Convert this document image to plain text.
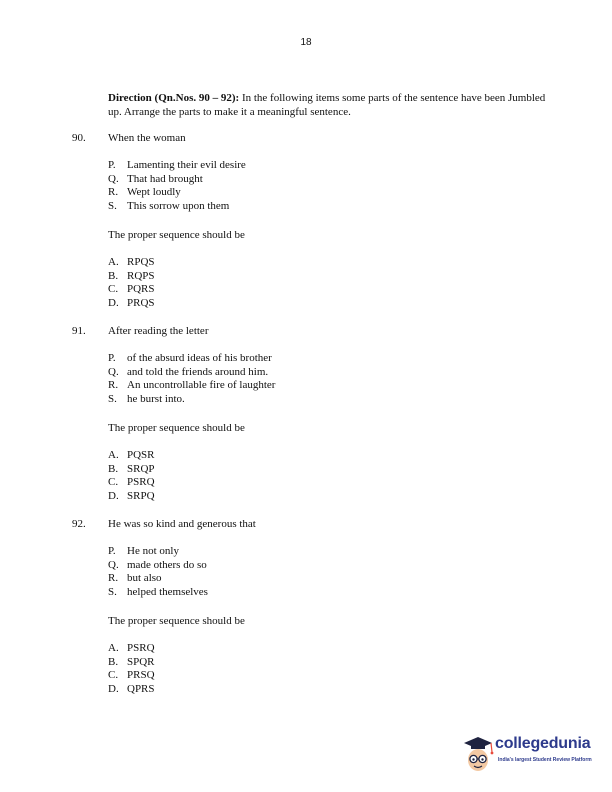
18
Direction (Qn.Nos. 90 – 92): In the following items some parts of the sentence have been Jumbled up. Arrange the parts to make it a meaningful sentence.
90. When the woman
P. Lamenting their evil desire
Q. That had brought
R. Wept loudly
S. This sorrow upon them
The proper sequence should be
A. RPQS
B. RQPS
C. PQRS
D. PRQS
91. After reading the letter
P. of the absurd ideas of his brother
Q. and told the friends around him.
R. An uncontrollable fire of laughter
S. he burst into.
The proper sequence should be
A. PQSR
B. SRQP
C. PSRQ
D. SRPQ
92. He was so kind and generous that
P. He not only
Q. made others do so
R. but also
S. helped themselves
The proper sequence should be
A. PSRQ
B. SPQR
C. PRSQ
D. QPRS
collegedunia
India's largest Student Review Platform
